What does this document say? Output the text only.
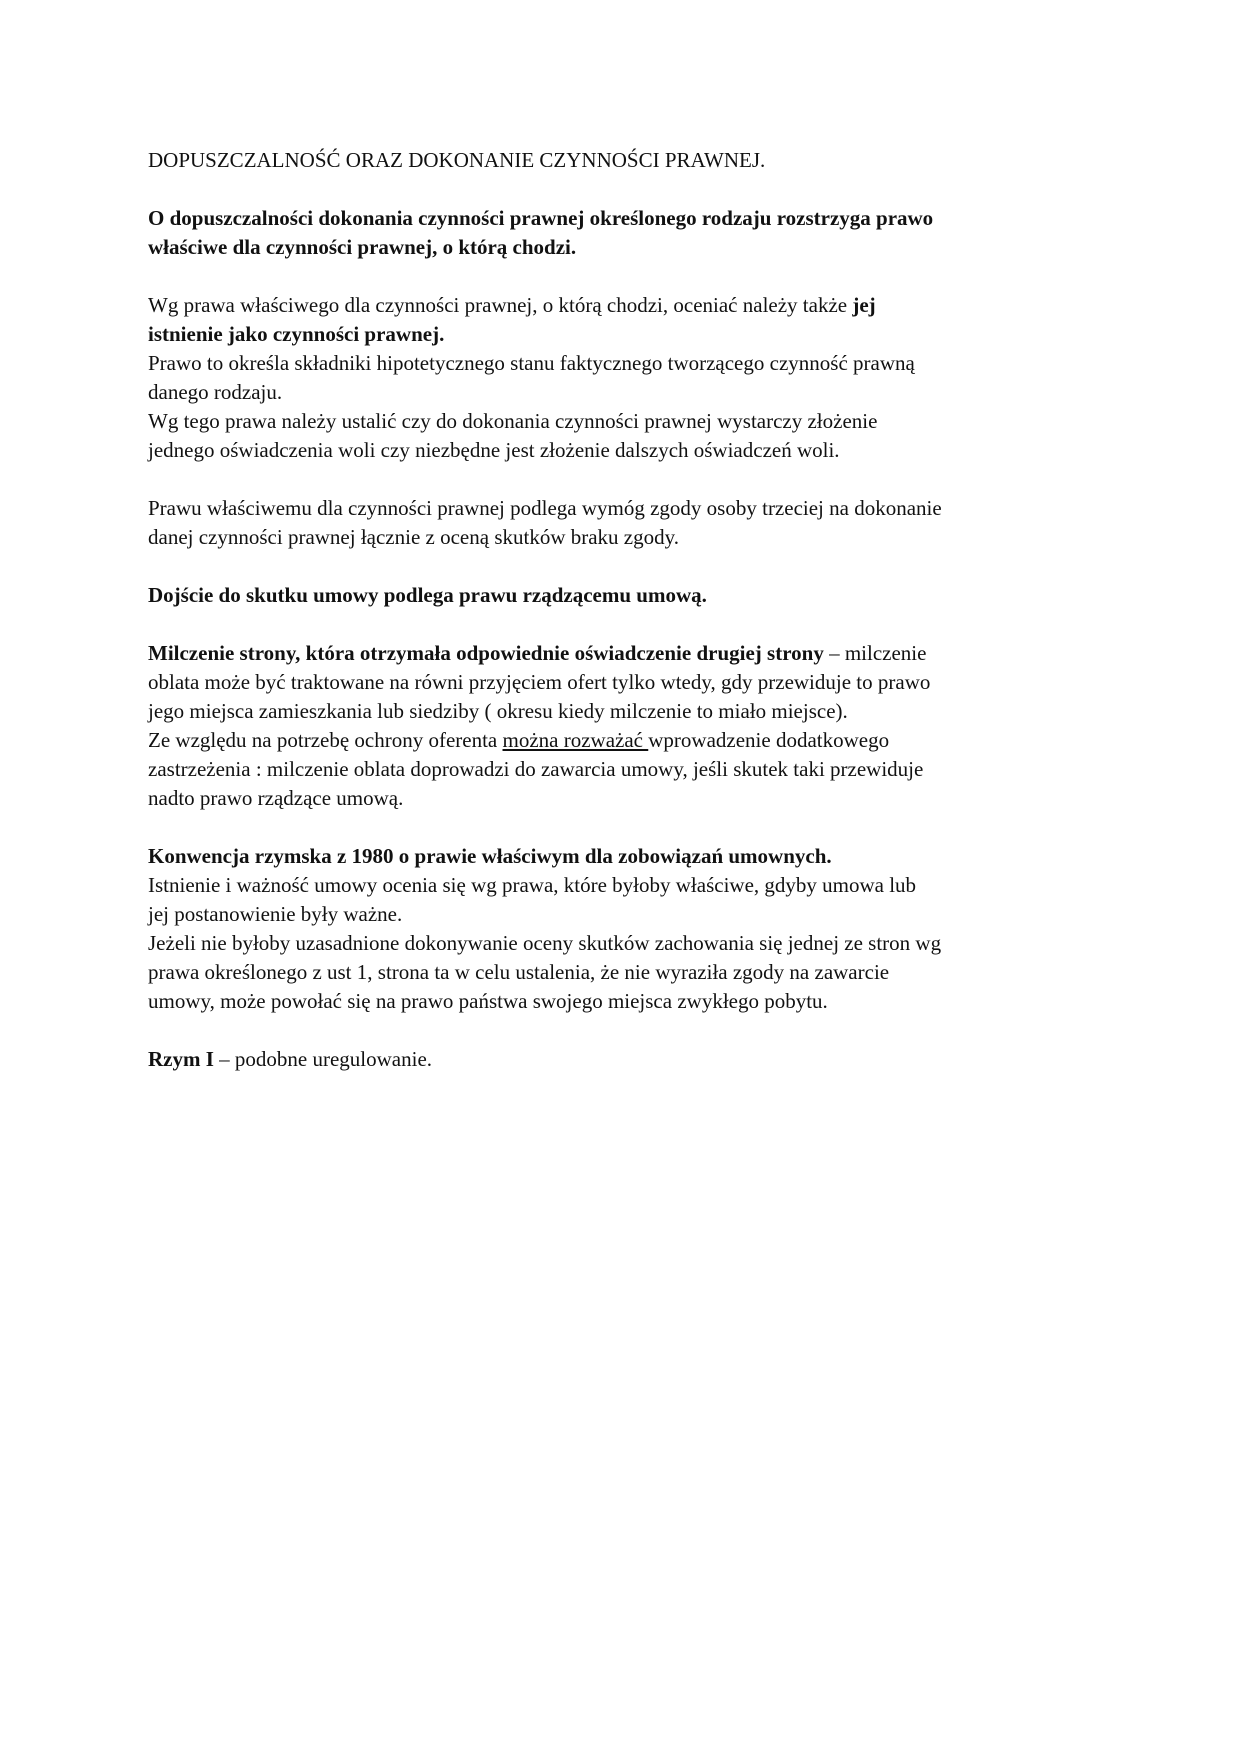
DOPUSZCZALNOŚĆ ORAZ DOKONANIE CZYNNOŚCI PRAWNEJ.
O dopuszczalności dokonania czynności prawnej określonego rodzaju rozstrzyga prawo
właściwe dla czynności prawnej, o którą chodzi.
Wg prawa właściwego dla czynności prawnej, o którą chodzi, oceniać należy także jej
istnienie jako czynności prawnej.
Prawo to określa składniki hipotetycznego stanu faktycznego tworzącego czynność prawną
danego rodzaju.
Wg tego prawa należy ustalić czy do dokonania czynności prawnej wystarczy złożenie
jednego oświadczenia woli czy niezbędne jest złożenie dalszych oświadczeń woli.
Prawu właściwemu dla czynności prawnej podlega wymóg zgody osoby trzeciej na dokonanie
danej czynności prawnej łącznie z oceną skutków braku zgody.
Dojście do skutku umowy podlega prawu rządzącemu umową.
Milczenie strony, która otrzymała odpowiednie oświadczenie drugiej strony – milczenie
oblata może być traktowane na równi przyjęciem ofert tylko wtedy, gdy przewiduje to prawo
jego miejsca zamieszkania lub siedziby ( okresu kiedy milczenie to miało miejsce).
Ze względu na potrzebę ochrony oferenta można rozważać wprowadzenie dodatkowego
zastrzeżenia : milczenie oblata doprowadzi do zawarcia umowy, jeśli skutek taki przewiduje
nadto prawo rządzące umową.
Konwencja rzymska z 1980 o prawie właściwym dla zobowiązań umownych.
Istnienie i ważność umowy ocenia się wg prawa, które byłoby właściwe, gdyby umowa lub
jej postanowienie były ważne.
Jeżeli nie byłoby uzasadnione dokonywanie oceny skutków zachowania się jednej ze stron wg
prawa określonego z ust 1, strona ta w celu ustalenia, że nie wyraziła zgody na zawarcie
umowy, może powołać się na prawo państwa swojego miejsca zwykłego pobytu.
Rzym I – podobne uregulowanie.
